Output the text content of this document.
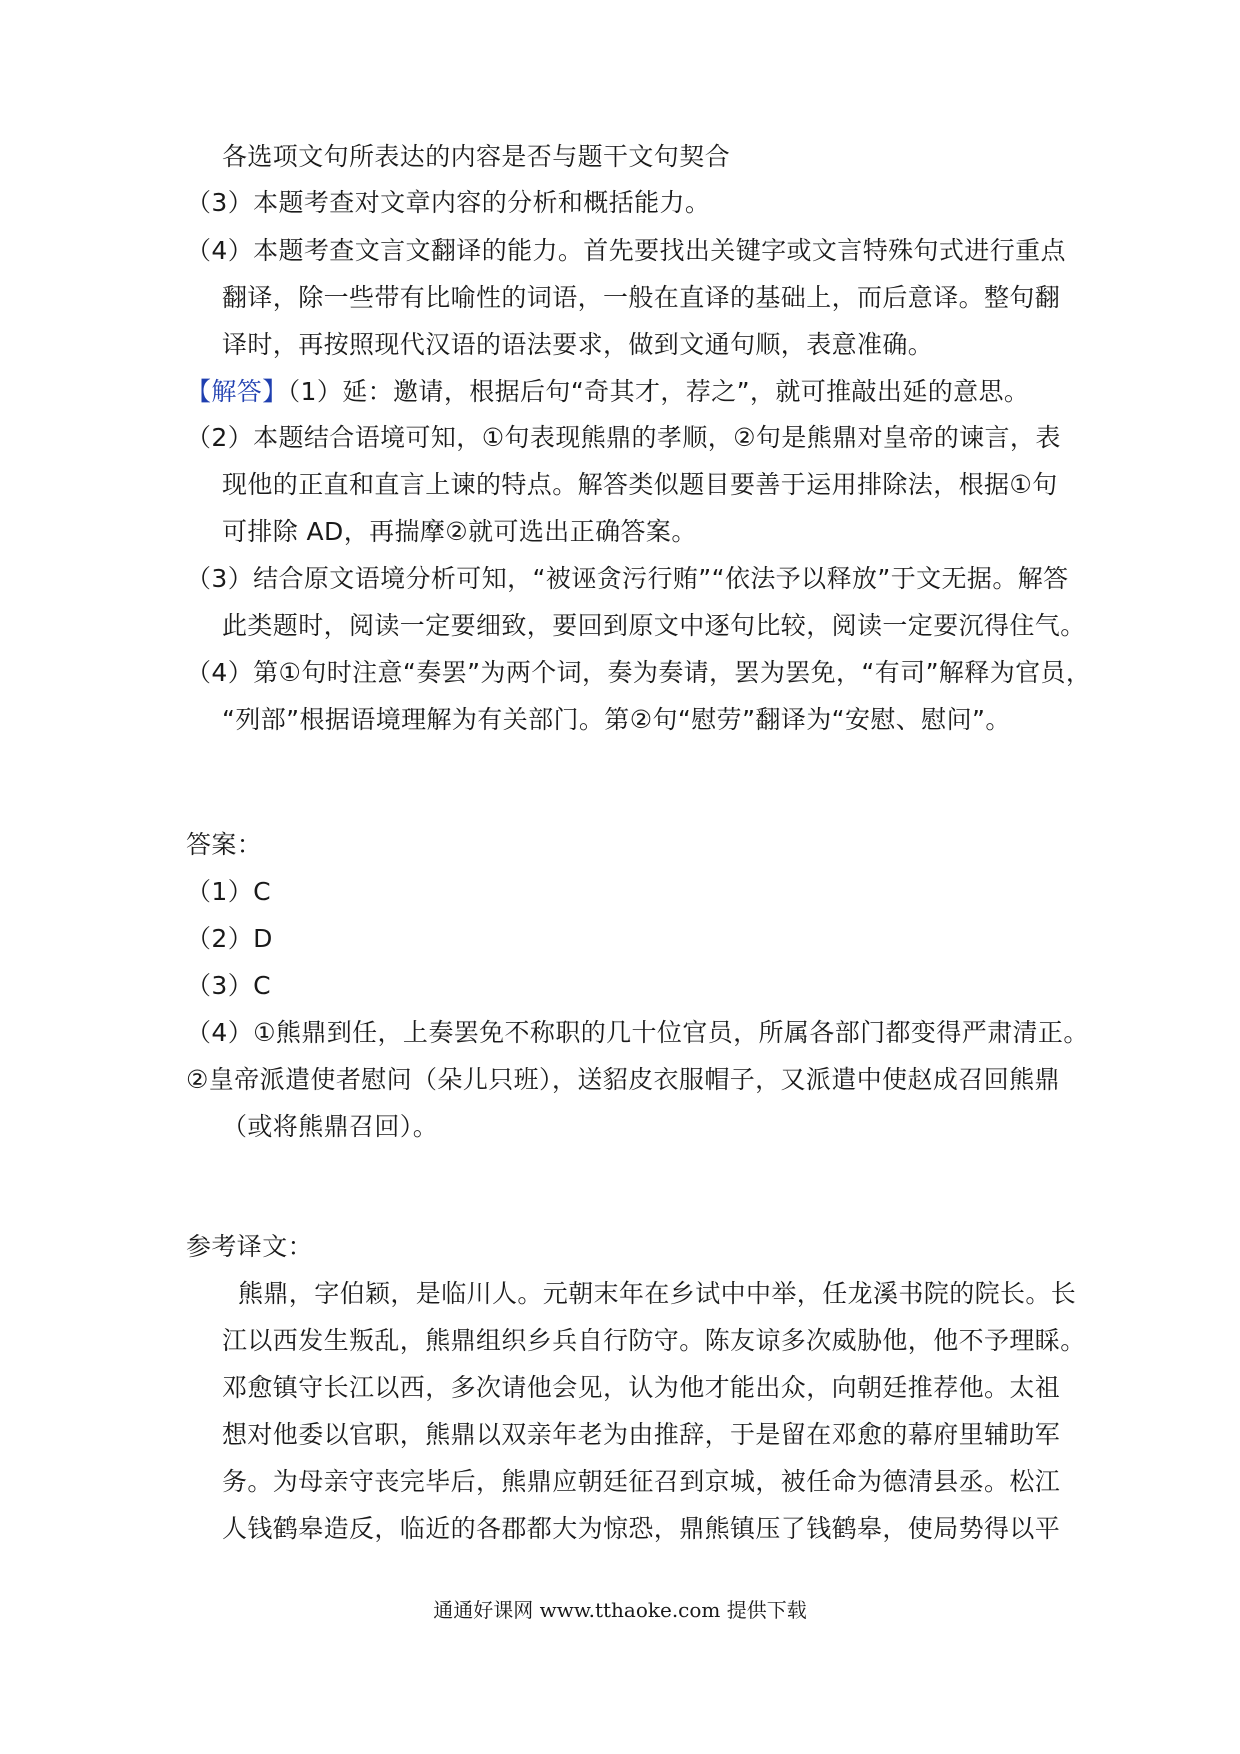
各选项文句所表达的内容是否与题干文句契合
（3）本题考查对文章内容的分析和概括能力。
（4）本题考查文言文翻译的能力。首先要找出关键字或文言特殊句式进行重点
翻译，除一些带有比喻性的词语，一般在直译的基础上，而后意译。整句翻
译时，再按照现代汉语的语法要求，做到文通句顺，表意准确。
【解答】（1）延：邀请，根据后句“奇其才，荐之”，就可推敲出延的意思。
（2）本题结合语境可知，①句表现熊鼎的孝顺，②句是熊鼎对皇帝的谏言，表
现他的正直和直言上谏的特点。解答类似题目要善于运用排除法，根据①句
可排除 AD，再揣摩②就可选出正确答案。
（3）结合原文语境分析可知，“被诬贪污行贿”“依法予以释放”于文无据。解答
此类题时，阅读一定要细致，要回到原文中逐句比较，阅读一定要沉得住气。
（4）第①句时注意“奏罢”为两个词，奏为奏请，罢为罢免，“有司”解释为官员，
“列部”根据语境理解为有关部门。第②句“慰劳”翻译为“安慰、慰问”。
答案：
（1）C
（2）D
（3）C
（4）①熊鼎到任，上奏罢免不称职的几十位官员，所属各部门都变得严肃清正。
②皇帝派遣使者慰问（朵儿只班），送貂皮衣服帽子，又派遣中使赵成召回熊鼎
（或将熊鼎召回）。
参考译文：
熊鼎，字伯颖，是临川人。元朝末年在乡试中中举，任龙溪书院的院长。长
江以西发生叛乱，熊鼎组织乡兵自行防守。陈友谅多次威胁他，他不予理睬。
邓愈镇守长江以西，多次请他会见，认为他才能出众，向朝廷推荐他。太祖
想对他委以官职，熊鼎以双亲年老为由推辞，于是留在邓愈的幕府里辅助军
务。为母亲守丧完毕后，熊鼎应朝廷征召到京城，被任命为德清县丞。松江
人钱鹤皋造反，临近的各郡都大为惊恐，鼎熊镇压了钱鹤皋，使局势得以平
通通好课网 www.tthaoke.com 提供下载
